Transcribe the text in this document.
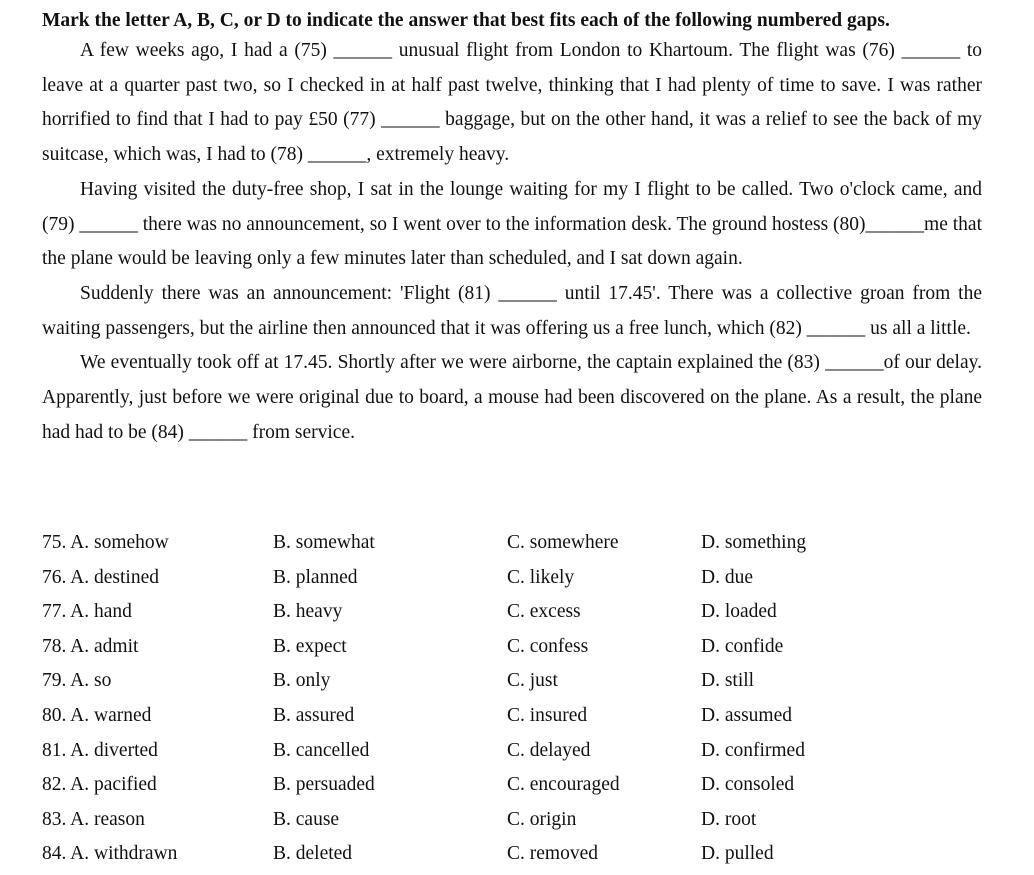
Mark the letter A, B, C, or D to indicate the answer that best fits each of the following numbered gaps.

A few weeks ago, I had a (75) ______ unusual flight from London to Khartoum. The flight was (76) ______ to leave at a quarter past two, so I checked in at half past twelve, thinking that I had plenty of time to save. I was rather horrified to find that I had to pay £50 (77) ______ baggage, but on the other hand, it was a relief to see the back of my suitcase, which was, I had to (78) ______, extremely heavy.

Having visited the duty-free shop, I sat in the lounge waiting for my I flight to be called. Two o'clock came, and (79) ______ there was no announcement, so I went over to the information desk. The ground hostess (80)______me that the plane would be leaving only a few minutes later than scheduled, and I sat down again.

Suddenly there was an announcement: 'Flight (81) ______ until 17.45'. There was a collective groan from the waiting passengers, but the airline then announced that it was offering us a free lunch, which (82) ______ us all a little.

We eventually took off at 17.45. Shortly after we were airborne, the captain explained the (83) ______of our delay. Apparently, just before we were original due to board, a mouse had been discovered on the plane. As a result, the plane had had to be (84) ______ from service.

75. A. somehow	B. somewhat	C. somewhere	D. something
76. A. destined	B. planned	C. likely	D. due
77. A. hand	B. heavy	C. excess	D. loaded
78. A. admit	B. expect	C. confess	D. confide
79. A. so	B. only	C. just	D. still
80. A. warned	B. assured	C. insured	D. assumed
81. A. diverted	B. cancelled	C. delayed	D. confirmed
82. A. pacified	B. persuaded	C. encouraged	D. consoled
83. A. reason	B. cause	C. origin	D. root
84. A. withdrawn	B. deleted	C. removed	D. pulled
